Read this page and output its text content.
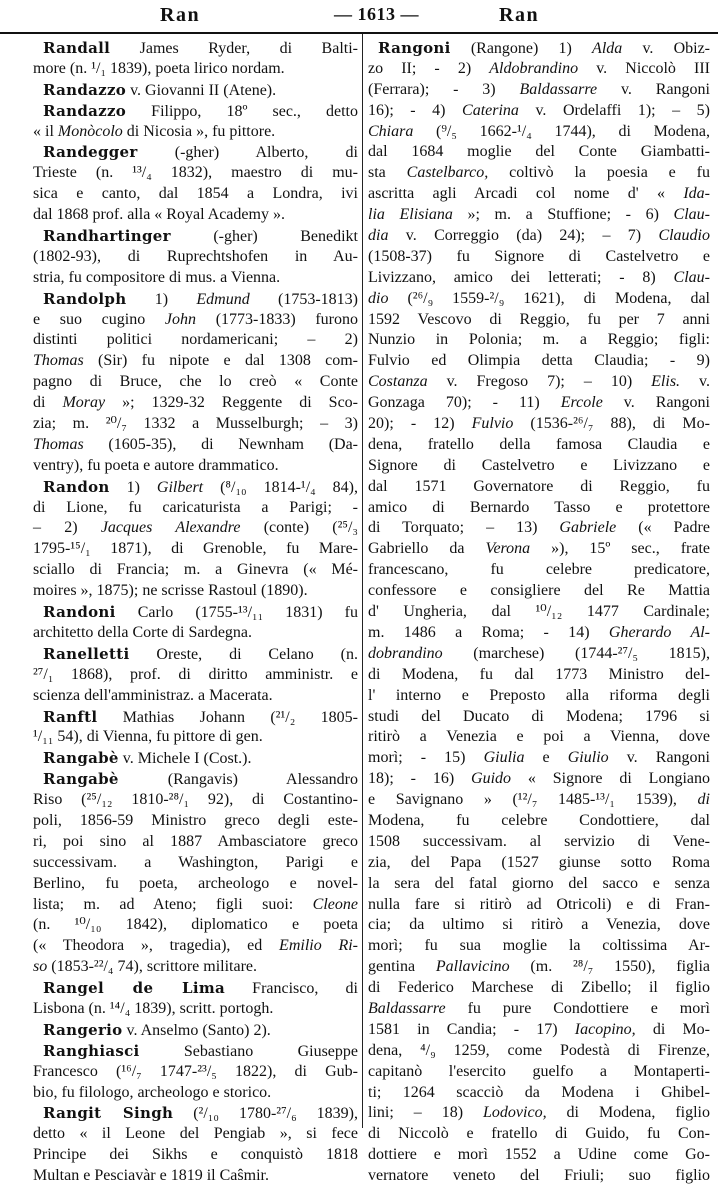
Ran	— 1613 —	Ran
Randall James Ryder, di Balti-
more (n. ¹/₁ 1839), poeta lirico nordam.
Randazzo v. Giovanni II (Atene).
Randazzo Filippo, 18º sec., detto
« il Monòcolo di Nicosia », fu pittore.
Randegger (-gher) Alberto, di
Trieste (n. ¹³/₄ 1832), maestro di mu-
sica e canto, dal 1854 a Londra, ivi
dal 1868 prof. alla « Royal Academy ».
Randhartinger (-gher) Benedikt
(1802-93), di Ruprechtshofen in Au-
stria, fu compositore di mus. a Vienna.
Randolph 1) Edmund (1753-1813)
e suo cugino John (1773-1833) furono
distinti politici nordamericani; – 2)
Thomas (Sir) fu nipote e dal 1308 com-
pagno di Bruce, che lo creò « Conte
di Moray »; 1329-32 Reggente di Sco-
zia; m. ²⁰/₇ 1332 a Musselburgh; – 3)
Thomas (1605-35), di Newnham (Da-
ventry), fu poeta e autore drammatico.
Randon 1) Gilbert (⁸/₁₀ 1814-¹/₄ 84),
di Lione, fu caricaturista a Parigi; -
– 2) Jacques Alexandre (conte) (²⁵/₃
1795-¹⁵/₁ 1871), di Grenoble, fu Mare-
sciallo di Francia; m. a Ginevra (« Mé-
moires », 1875); ne scrisse Rastoul (1890).
Randoni Carlo (1755-¹³/₁₁ 1831) fu
architetto della Corte di Sardegna.
Ranelletti Oreste, di Celano (n.
²⁷/₁ 1868), prof. di diritto amministr. e
scienza dell'amministraz. a Macerata.
Ranftl Mathias Johann (²¹/₂ 1805-
¹/₁₁ 54), di Vienna, fu pittore di gen.
Rangabè v. Michele I (Cost.).
Rangabè (Rangavis) Alessandro
Riso (²⁵/₁₂ 1810-²⁸/₁ 92), di Costantino-
poli, 1856-59 Ministro greco degli este-
ri, poi sino al 1887 Ambasciatore greco
successivam. a Washington, Parigi e
Berlino, fu poeta, archeologo e novel-
lista; m. ad Ateno; figli suoi: Cleone
(n. ¹⁰/₁₀ 1842), diplomatico e poeta
(« Theodora », tragedia), ed Emilio Ri-
so (1853-²²/₄ 74), scrittore militare.
Rangel de Lima Francisco, di
Lisbona (n. ¹⁴/₄ 1839), scritt. portogh.
Rangerio v. Anselmo (Santo) 2).
Ranghiasci Sebastiano Giuseppe
Francesco (¹⁶/₇ 1747-²³/₅ 1822), di Gub-
bio, fu filologo, archeologo e storico.
Rangit Singh (²/₁₀ 1780-²⁷/₆ 1839),
detto « il Leone del Pengiab », si fece
Principe dei Sikhs e conquistò 1818
Multan e Pesciavàr e 1819 il Caŝmir.
Rangoni (Rangone) 1) Alda v. Obiz-
zo II; - 2) Aldobrandino v. Niccolò III
(Ferrara); - 3) Baldassarre v. Rangoni
16); - 4) Caterina v. Ordelaffi 1); – 5)
Chiara (⁹/₅ 1662-¹/₄ 1744), di Modena,
dal 1684 moglie del Conte Giambatti-
sta Castelbarco, coltivò la poesia e fu
ascritta agli Arcadi col nome d' « Ida-
lia Elisiana »; m. a Stuffione; - 6) Clau-
dia v. Correggio (da) 24); – 7) Claudio
(1508-37) fu Signore di Castelvetro e
Livizzano, amico dei letterati; - 8) Clau-
dio (²⁶/₉ 1559-²/₉ 1621), di Modena, dal
1592 Vescovo di Reggio, fu per 7 anni
Nunzio in Polonia; m. a Reggio; figli:
Fulvio ed Olimpia detta Claudia; - 9)
Costanza v. Fregoso 7); – 10) Elis. v.
Gonzaga 70); - 11) Ercole v. Rangoni
20); - 12) Fulvio (1536-²⁶/₇ 88), di Mo-
dena, fratello della famosa Claudia e
Signore di Castelvetro e Livizzano e
dal 1571 Governatore di Reggio, fu
amico di Bernardo Tasso e protettore
di Torquato; – 13) Gabriele (« Padre
Gabriello da Verona »), 15º sec., frate
francescano, fu celebre predicatore,
confessore e consigliere del Re Mattia
d' Ungheria, dal ¹⁰/₁₂ 1477 Cardinale;
m. 1486 a Roma; - 14) Gherardo Al-
dobrandino (marchese) (1744-²⁷/₅ 1815),
di Modena, fu dal 1773 Ministro del-
l' interno e Preposto alla riforma degli
studi del Ducato di Modena; 1796 si
ritirò a Venezia e poi a Vienna, dove
morì; - 15) Giulia e Giulio v. Rangoni
18); - 16) Guido « Signore di Longiano
e Savignano » (¹²/₇ 1485-¹³/₁ 1539), di
Modena, fu celebre Condottiere, dal
1508 successivam. al servizio di Vene-
zia, del Papa (1527 giunse sotto Roma
la sera del fatal giorno del sacco e senza
nulla fare si ritirò ad Otricoli) e di Fran-
cia; da ultimo si ritirò a Venezia, dove
morì; fu sua moglie la coltissima Ar-
gentina Pallavicino (m. ²⁸/₇ 1550), figlia
di Federico Marchese di Zibello; il figlio
Baldassarre fu pure Condottiere e morì
1581 in Candia; - 17) Iacopino, di Mo-
dena, ⁴/₉ 1259, come Podestà di Firenze,
capitanò l'esercito guelfo a Montaperti-
ti; 1264 scacciò da Modena i Ghibel-
lini; – 18) Lodovico, di Modena, figlio
di Niccolò e fratello di Guido, fu Con-
dottiere e morì 1552 a Udine come Go-
vernatore veneto del Friuli; suo figlio
